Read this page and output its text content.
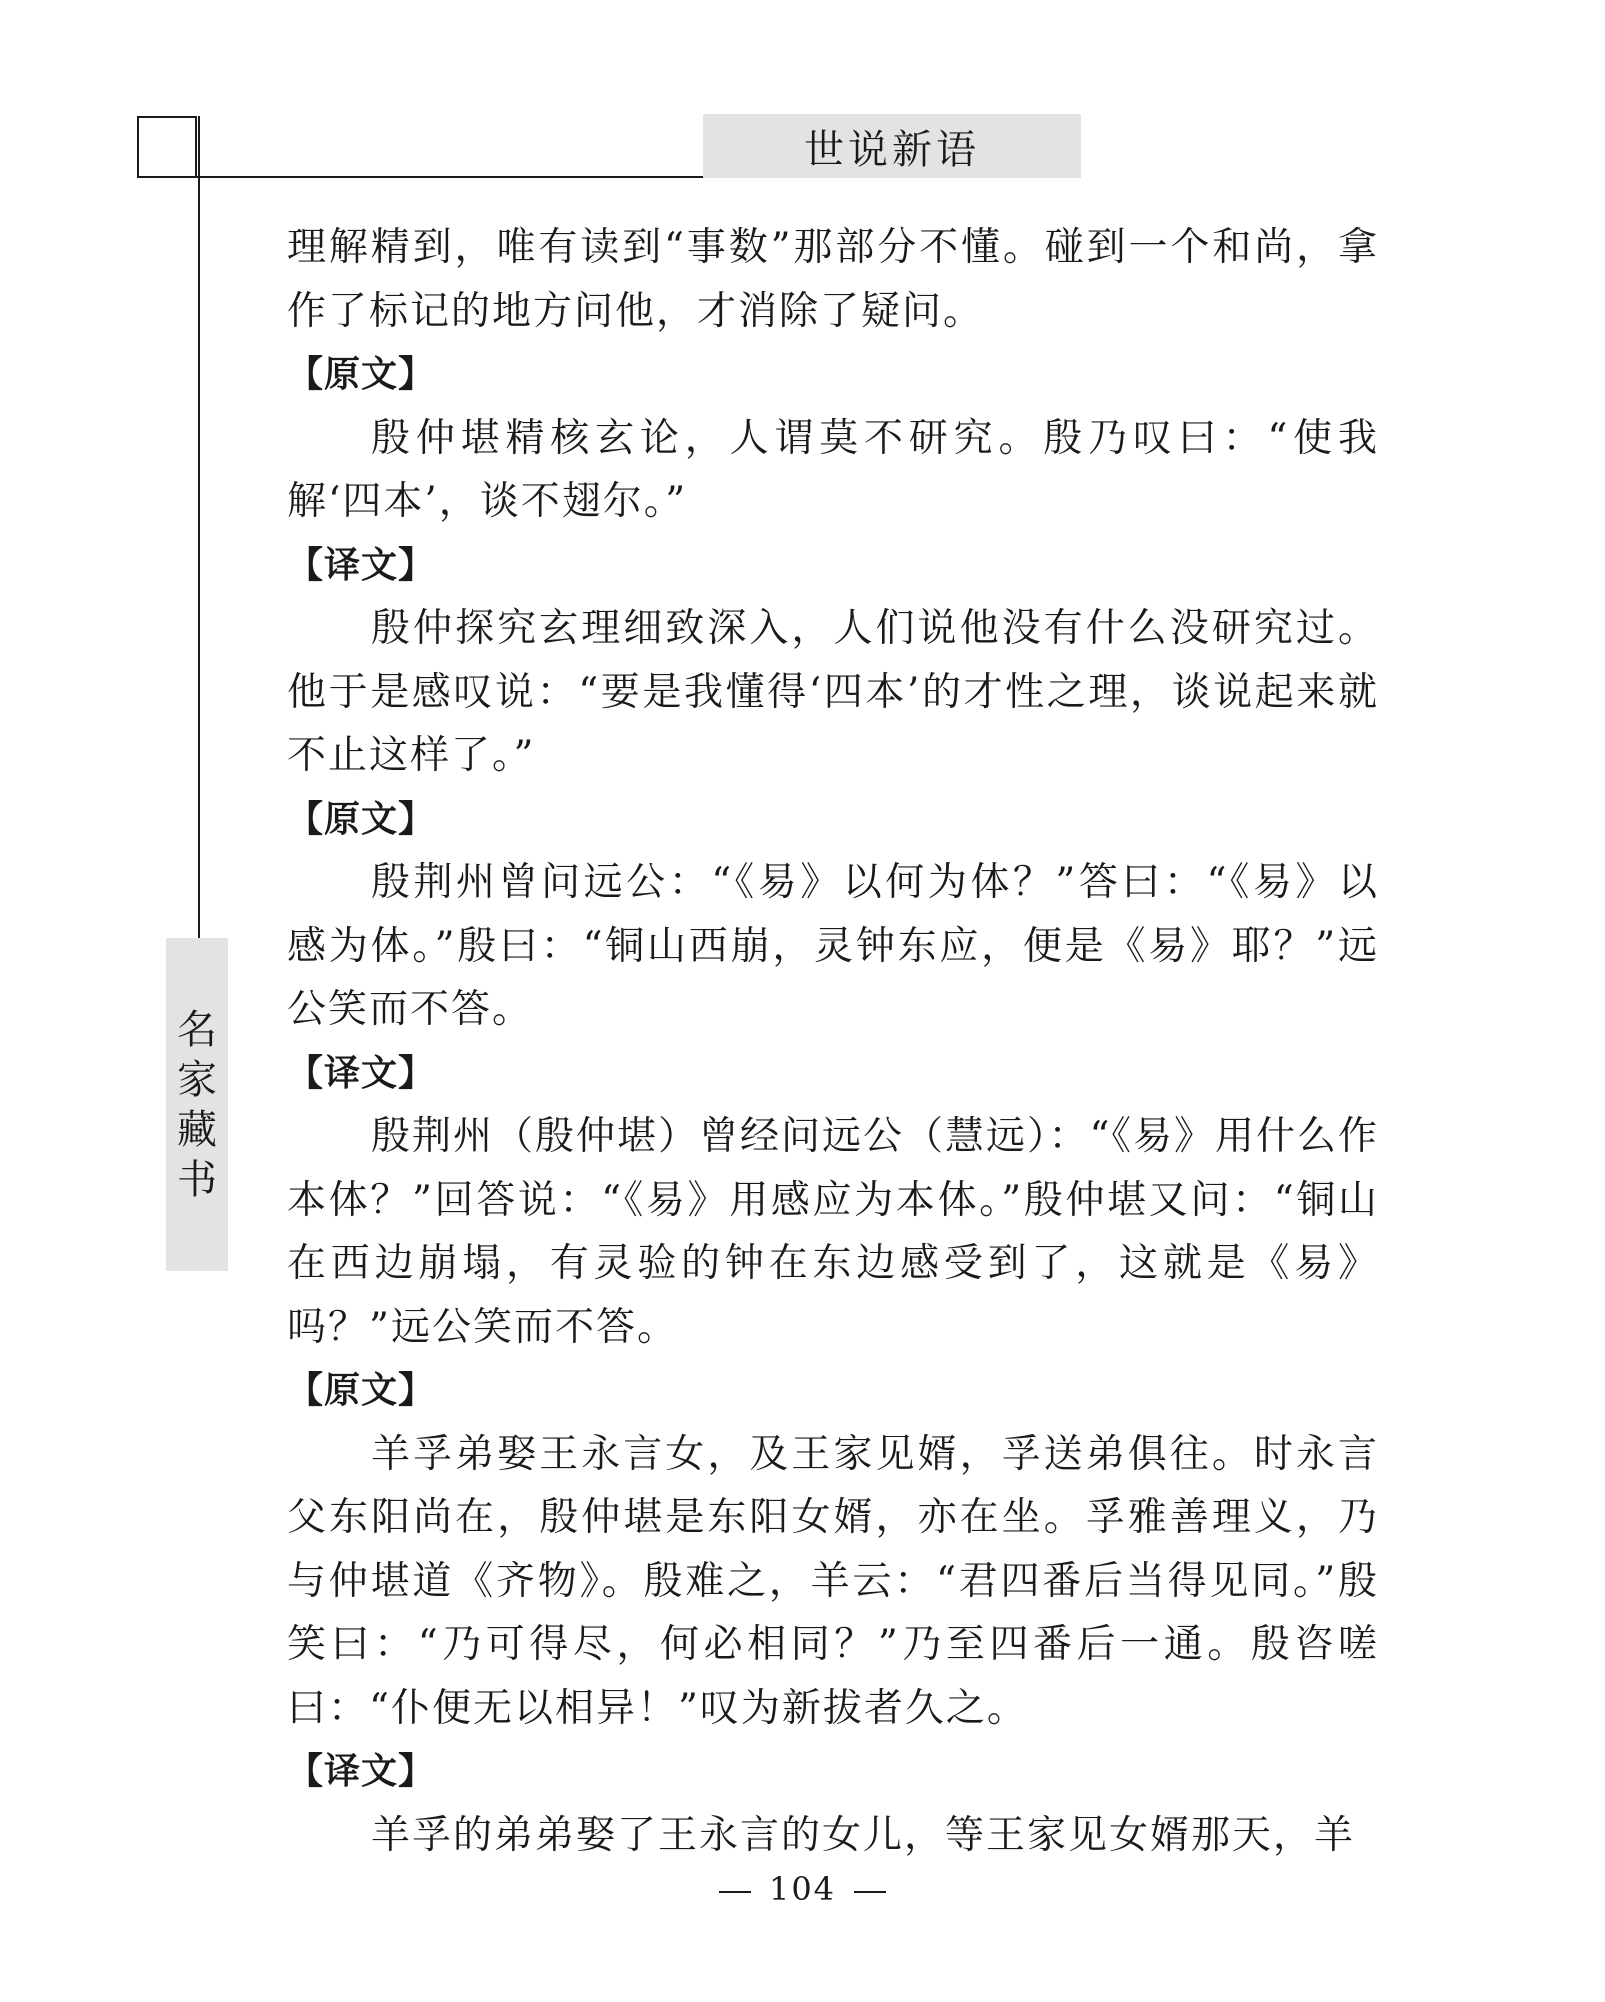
世说新语
名
家
藏
书

理解精到，唯有读到“事数”那部分不懂。碰到一个和尚，拿作了标记的地方问他，才消除了疑问。

【原文】

殷仲堪精核玄论，人谓莫不研究。殷乃叹曰：“使我解‘四本’，谈不翅尔。”

【译文】

殷仲探究玄理细致深入，人们说他没有什么没研究过。他于是感叹说：“要是我懂得‘四本’的才性之理，谈说起来就不止这样了。”

【原文】

殷荆州曾问远公：“《易》以何为体？”答曰：“《易》以感为体。”殷曰：“铜山西崩，灵钟东应，便是《易》耶？”远公笑而不答。

【译文】

殷荆州（殷仲堪）曾经问远公（慧远）：“《易》用什么作本体？”回答说：“《易》用感应为本体。”殷仲堪又问：“铜山在西边崩塌，有灵验的钟在东边感受到了，这就是《易》吗？”远公笑而不答。

【原文】

羊孚弟娶王永言女，及王家见婿，孚送弟俱往。时永言父东阳尚在，殷仲堪是东阳女婿，亦在坐。孚雅善理义，乃与仲堪道《齐物》。殷难之，羊云：“君四番后当得见同。”殷笑曰：“乃可得尽，何必相同？”乃至四番后一通。殷咨嗟曰：“仆便无以相异！”叹为新拔者久之。

【译文】

羊孚的弟弟娶了王永言的女儿，等王家见女婿那天，羊

104
